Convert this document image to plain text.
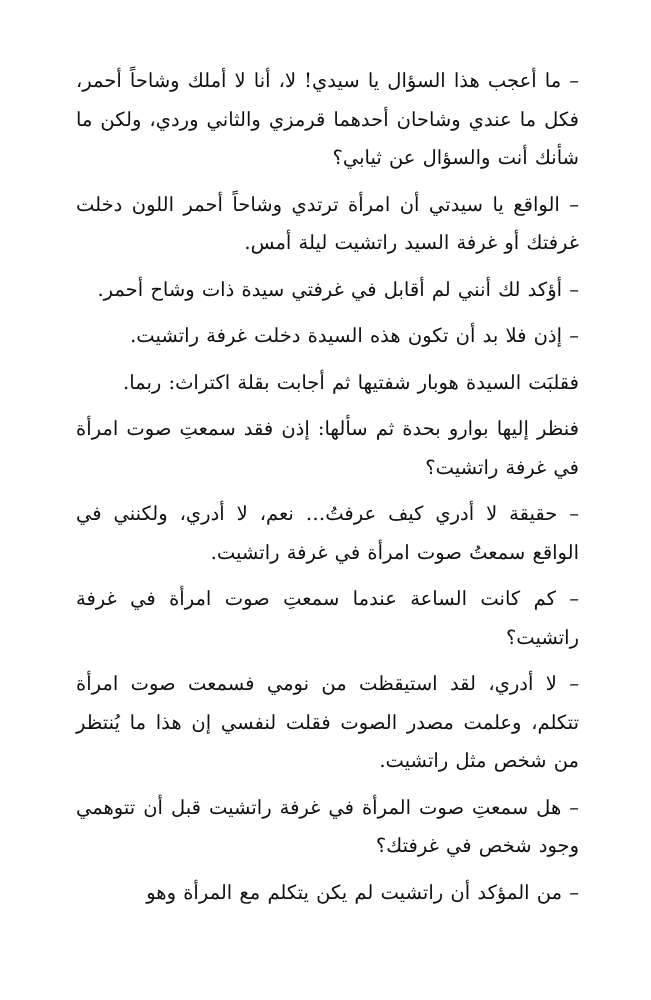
– ما أعجب هذا السؤال يا سيدي! لا، أنا لا أملك وشاحاً أحمر، فكل ما عندي وشاحان أحدهما قرمزي والثاني وردي، ولكن ما شأنك أنت والسؤال عن ثيابي؟

– الواقع يا سيدتي أن امرأة ترتدي وشاحاً أحمر اللون دخلت غرفتك أو غرفة السيد راتشيت ليلة أمس.

– أؤكد لك أنني لم أقابل في غرفتي سيدة ذات وشاح أحمر.

– إذن فلا بد أن تكون هذه السيدة دخلت غرفة راتشيت.

فقلبَت السيدة هوبار شفتيها ثم أجابت بقلة اكتراث: ربما.

فنظر إليها بوارو بحدة ثم سألها: إذن فقد سمعتِ صوت امرأة في غرفة راتشيت؟

– حقيقة لا أدري كيف عرفتُ… نعم، لا أدري، ولكنني في الواقع سمعتُ صوت امرأة في غرفة راتشيت.

– كم كانت الساعة عندما سمعتِ صوت امرأة في غرفة راتشيت؟

– لا أدري، لقد استيقظت من نومي فسمعت صوت امرأة تتكلم، وعلمت مصدر الصوت فقلت لنفسي إن هذا ما يُنتظر من شخص مثل راتشيت.

– هل سمعتِ صوت المرأة في غرفة راتشيت قبل أن تتوهمي وجود شخص في غرفتك؟

– من المؤكد أن راتشيت لم يكن يتكلم مع المرأة وهو
